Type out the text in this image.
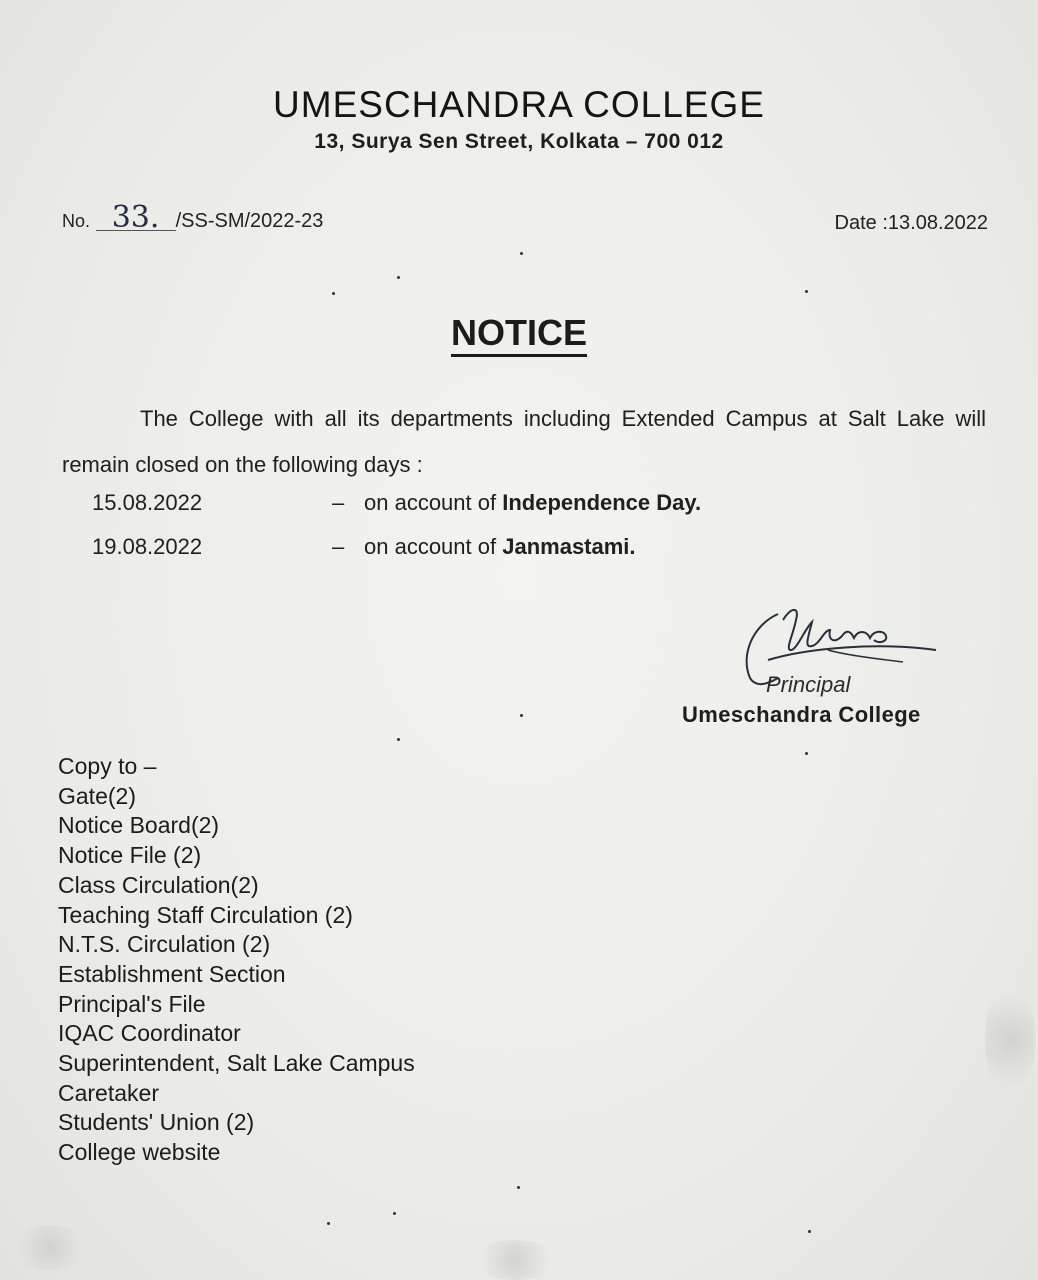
UMESCHANDRA COLLEGE
13, Surya Sen Street, Kolkata – 700 012
No. 33. /SS-SM/2022-23	Date :13.08.2022
NOTICE
The College with all its departments including Extended Campus at Salt Lake will remain closed on the following days :
15.08.2022	– on account of Independence Day.
19.08.2022	– on account of Janmastami.
Principal
Umeschandra College
Copy to –
Gate(2)
Notice Board(2)
Notice File (2)
Class Circulation(2)
Teaching Staff Circulation (2)
N.T.S. Circulation (2)
Establishment Section
Principal's File
IQAC Coordinator
Superintendent, Salt Lake Campus
Caretaker
Students' Union (2)
College website
